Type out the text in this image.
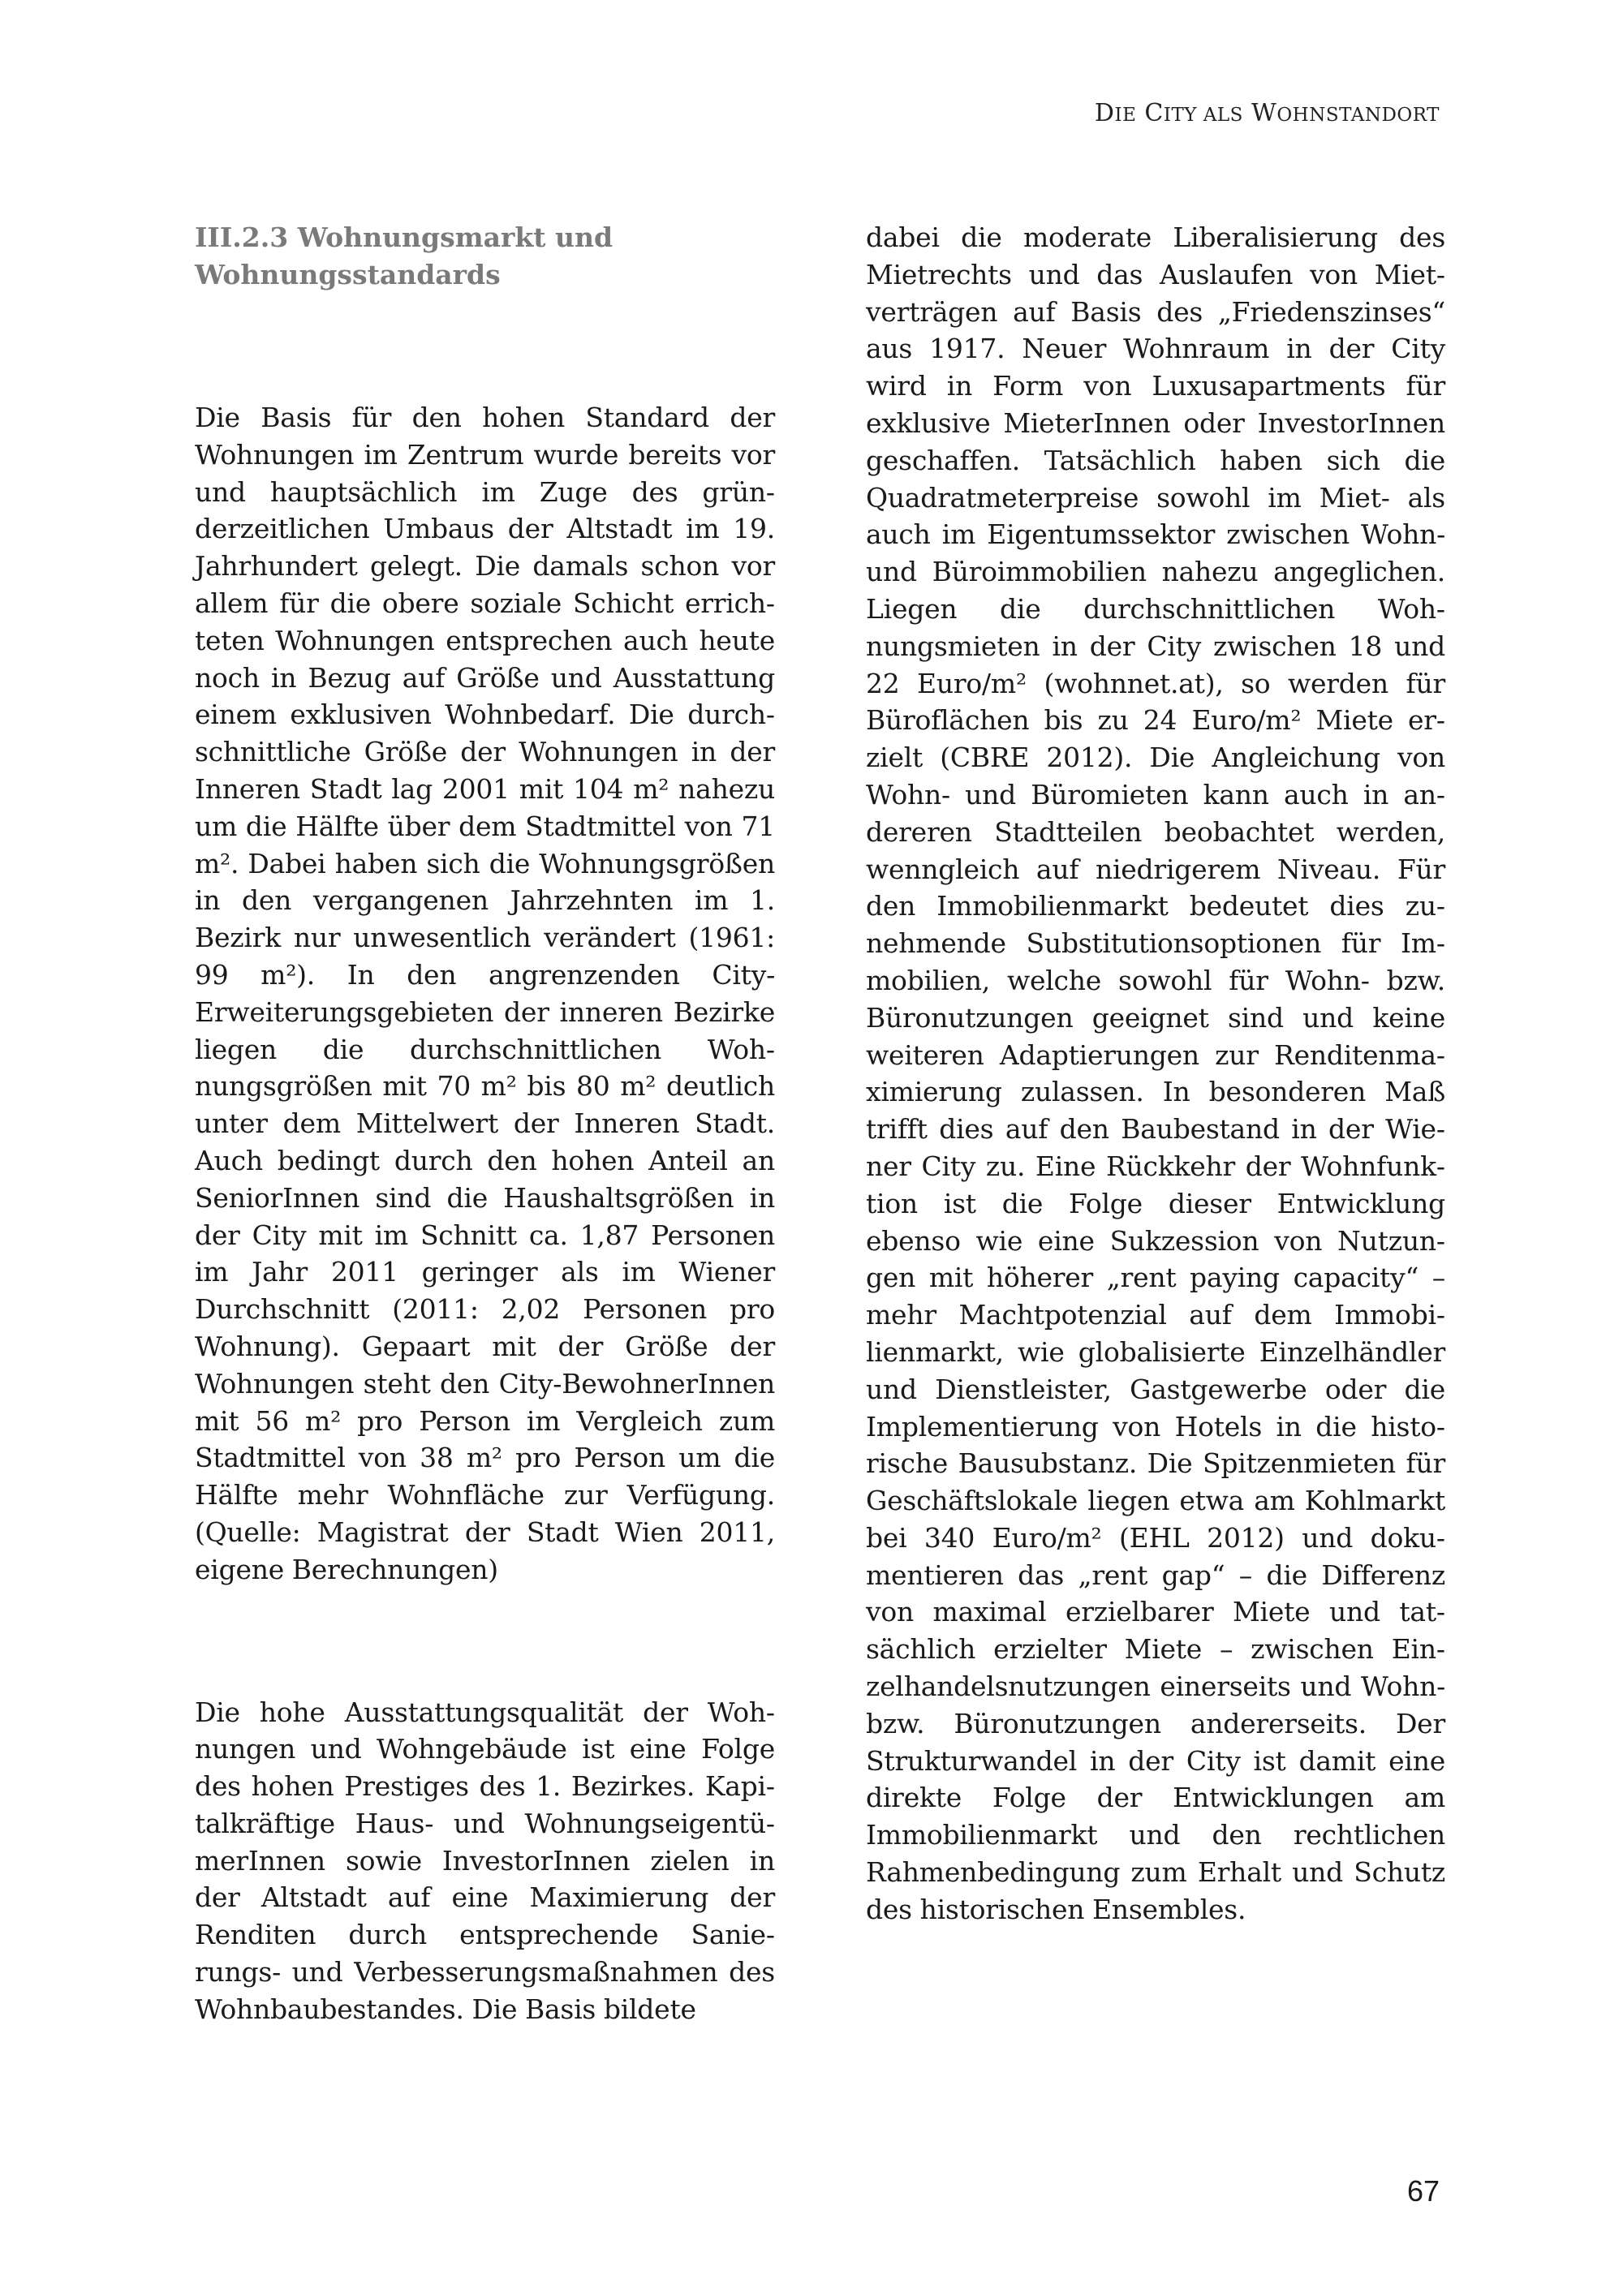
DIE CITY ALS WOHNSTANDORT
III.2.3 Wohnungsmarkt und Wohnungsstandards

Die Basis für den hohen Standard der Wohnungen im Zentrum wurde bereits vor und hauptsächlich im Zuge des gründerzeitlichen Umbaus der Altstadt im 19. Jahrhundert gelegt. Die damals schon vor allem für die obere soziale Schicht errichteten Wohnungen entsprechen auch heute noch in Bezug auf Größe und Ausstattung einem exklusiven Wohnbedarf. Die durchschnittliche Größe der Wohnungen in der Inneren Stadt lag 2001 mit 104 m² nahezu um die Hälfte über dem Stadtmittel von 71 m². Dabei haben sich die Wohnungsgrößen in den vergangenen Jahrzehnten im 1. Bezirk nur unwesentlich verändert (1961: 99 m²). In den angrenzenden City-Erweiterungsgebieten der inneren Bezirke liegen die durchschnittlichen Wohnungsgrößen mit 70 m² bis 80 m² deutlich unter dem Mittelwert der Inneren Stadt. Auch bedingt durch den hohen Anteil an SeniorInnen sind die Haushaltsgrößen in der City mit im Schnitt ca. 1,87 Personen im Jahr 2011 geringer als im Wiener Durchschnitt (2011: 2,02 Personen pro Wohnung). Gepaart mit der Größe der Wohnungen steht den City-BewohnerInnen mit 56 m² pro Person im Vergleich zum Stadtmittel von 38 m² pro Person um die Hälfte mehr Wohnfläche zur Verfügung. (Quelle: Magistrat der Stadt Wien 2011, eigene Berechnungen)

Die hohe Ausstattungsqualität der Wohnungen und Wohngebäude ist eine Folge des hohen Prestiges des 1. Bezirkes. Kapitalkräftige Haus- und WohnungseigentümerInnen sowie InvestorInnen zielen in der Altstadt auf eine Maximierung der Renditen durch entsprechende Sanierungs- und Verbesserungsmaßnahmen des Wohnbaubestandes. Die Basis bildete

dabei die moderate Liberalisierung des Mietrechts und das Auslaufen von Mietverträgen auf Basis des „Friedenszinses“ aus 1917. Neuer Wohnraum in der City wird in Form von Luxusapartments für exklusive MieterInnen oder InvestorInnen geschaffen. Tatsächlich haben sich die Quadratmeterpreise sowohl im Miet- als auch im Eigentumssektor zwischen Wohn- und Büroimmobilien nahezu angeglichen. Liegen die durchschnittlichen Wohnungsmieten in der City zwischen 18 und 22 Euro/m² (wohnnet.at), so werden für Büroflächen bis zu 24 Euro/m² Miete erzielt (CBRE 2012). Die Angleichung von Wohn- und Büromieten kann auch in andereren Stadtteilen beobachtet werden, wenngleich auf niedrigerem Niveau. Für den Immobilienmarkt bedeutet dies zunehmende Substitutionsoptionen für Immobilien, welche sowohl für Wohn- bzw. Büronutzungen geeignet sind und keine weiteren Adaptierungen zur Renditenmaximierung zulassen. In besonderen Maß trifft dies auf den Baubestand in der Wiener City zu. Eine Rückkehr der Wohnfunktion ist die Folge dieser Entwicklung ebenso wie eine Sukzession von Nutzungen mit höherer „rent paying capacity“ – mehr Machtpotenzial auf dem Immobilienmarkt, wie globalisierte Einzelhändler und Dienstleister, Gastgewerbe oder die Implementierung von Hotels in die historische Bausubstanz. Die Spitzenmieten für Geschäftslokale liegen etwa am Kohlmarkt bei 340 Euro/m² (EHL 2012) und dokumentieren das „rent gap“ – die Differenz von maximal erzielbarer Miete und tatsächlich erzielter Miete – zwischen Einzelhandelsnutzungen einerseits und Wohn- bzw. Büronutzungen andererseits. Der Strukturwandel in der City ist damit eine direkte Folge der Entwicklungen am Immobilienmarkt und den rechtlichen Rahmenbedingung zum Erhalt und Schutz des historischen Ensembles.

67
